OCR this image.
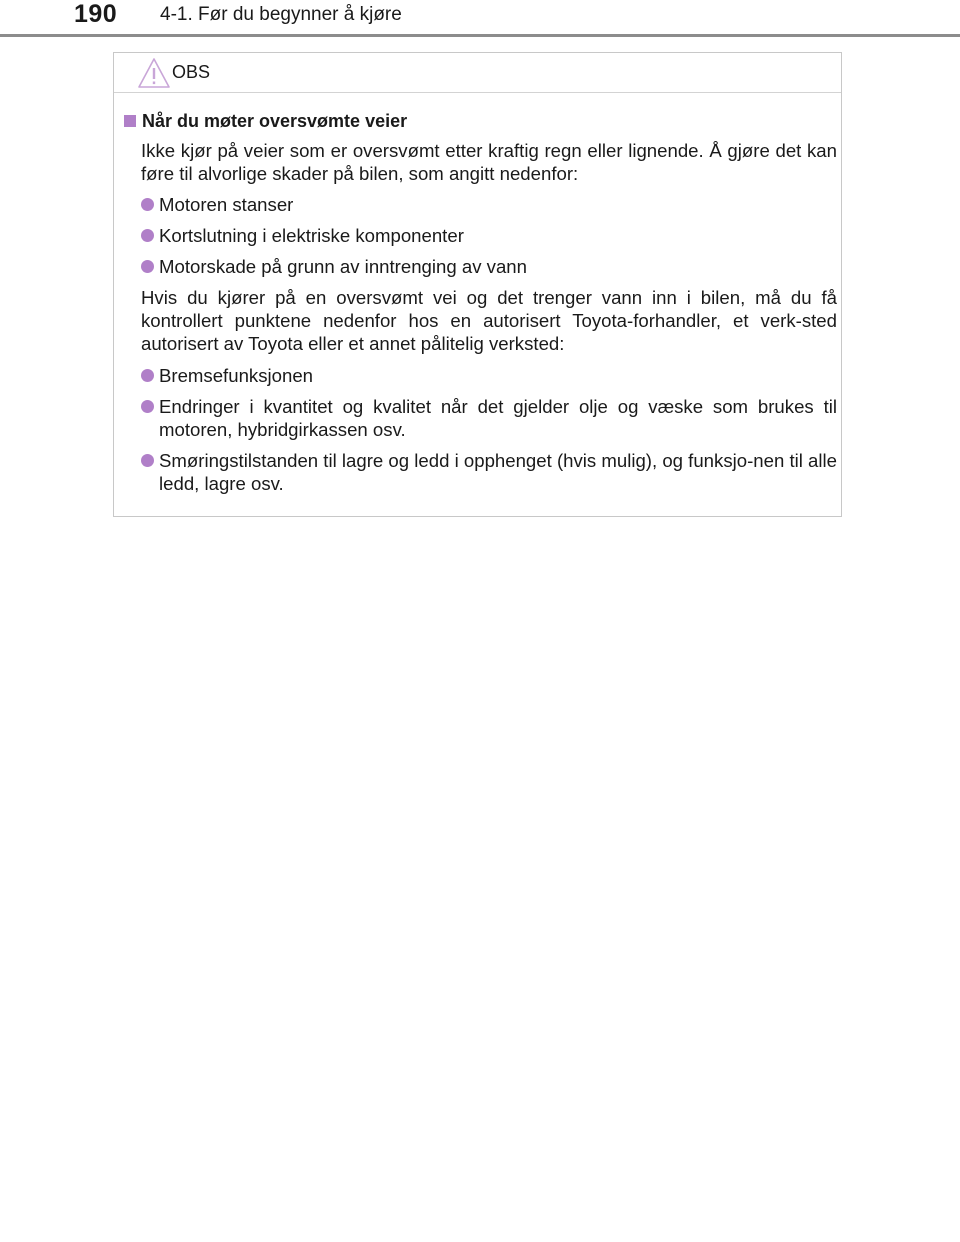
190 4-1. Før du begynner å kjøre
OBS
Når du møter oversvømte veier
Ikke kjør på veier som er oversvømt etter kraftig regn eller lignende. Å gjøre det kan føre til alvorlige skader på bilen, som angitt nedenfor:
Motoren stanser
Kortslutning i elektriske komponenter
Motorskade på grunn av inntrenging av vann
Hvis du kjører på en oversvømt vei og det trenger vann inn i bilen, må du få kontrollert punktene nedenfor hos en autorisert Toyota-forhandler, et verk-sted autorisert av Toyota eller et annet pålitelig verksted:
Bremsefunksjonen
Endringer i kvantitet og kvalitet når det gjelder olje og væske som brukes til motoren, hybridgirkassen osv.
Smøringstilstanden til lagre og ledd i opphenget (hvis mulig), og funksjo-nen til alle ledd, lagre osv.
